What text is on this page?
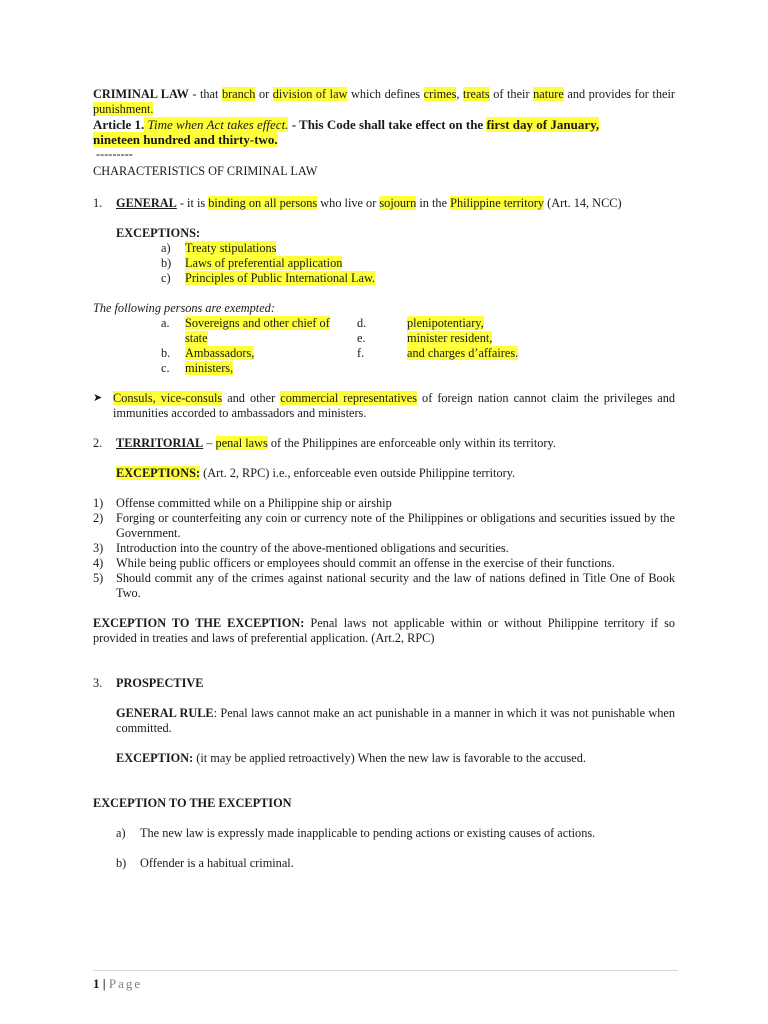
CRIMINAL LAW - that branch or division of law which defines crimes, treats of their nature and provides for their punishment.

Article 1. Time when Act takes effect. - This Code shall take effect on the first day of January,
nineteen hundred and thirty-two.

---------

CHARACTERISTICS OF CRIMINAL LAW

1. GENERAL - it is binding on all persons who live or sojourn in the Philippine territory (Art. 14, NCC)

EXCEPTIONS:

a) Treaty stipulations

b) Laws of preferential application

c) Principles of Public International Law.

The following persons are exempted:

a.	Sovereigns and other chief of	d.	plenipotentiary,
state	e.	minister resident,
b.	Ambassadors,	f.	and charges d’affaires.
c.	ministers,

➤ Consuls, vice-consuls and other commercial representatives of foreign nation cannot claim the privileges and immunities accorded to ambassadors and ministers.

2. TERRITORIAL – penal laws of the Philippines are enforceable only within its territory.

EXCEPTIONS: (Art. 2, RPC) i.e., enforceable even outside Philippine territory.

1) Offense committed while on a Philippine ship or airship

2) Forging or counterfeiting any coin or currency note of the Philippines or obligations and securities issued by the Government.

3) Introduction into the country of the above-mentioned obligations and securities.

4) While being public officers or employees should commit an offense in the exercise of their functions.

5) Should commit any of the crimes against national security and the law of nations defined in Title One of Book Two.

EXCEPTION TO THE EXCEPTION: Penal laws not applicable within or without Philippine territory if so provided in treaties and laws of preferential application. (Art.2, RPC)

3. PROSPECTIVE

GENERAL RULE: Penal laws cannot make an act punishable in a manner in which it was not punishable when committed.

EXCEPTION: (it may be applied retroactively) When the new law is favorable to the accused.

EXCEPTION TO THE EXCEPTION

a) The new law is expressly made inapplicable to pending actions or existing causes of actions.

b) Offender is a habitual criminal.

1 | Page
